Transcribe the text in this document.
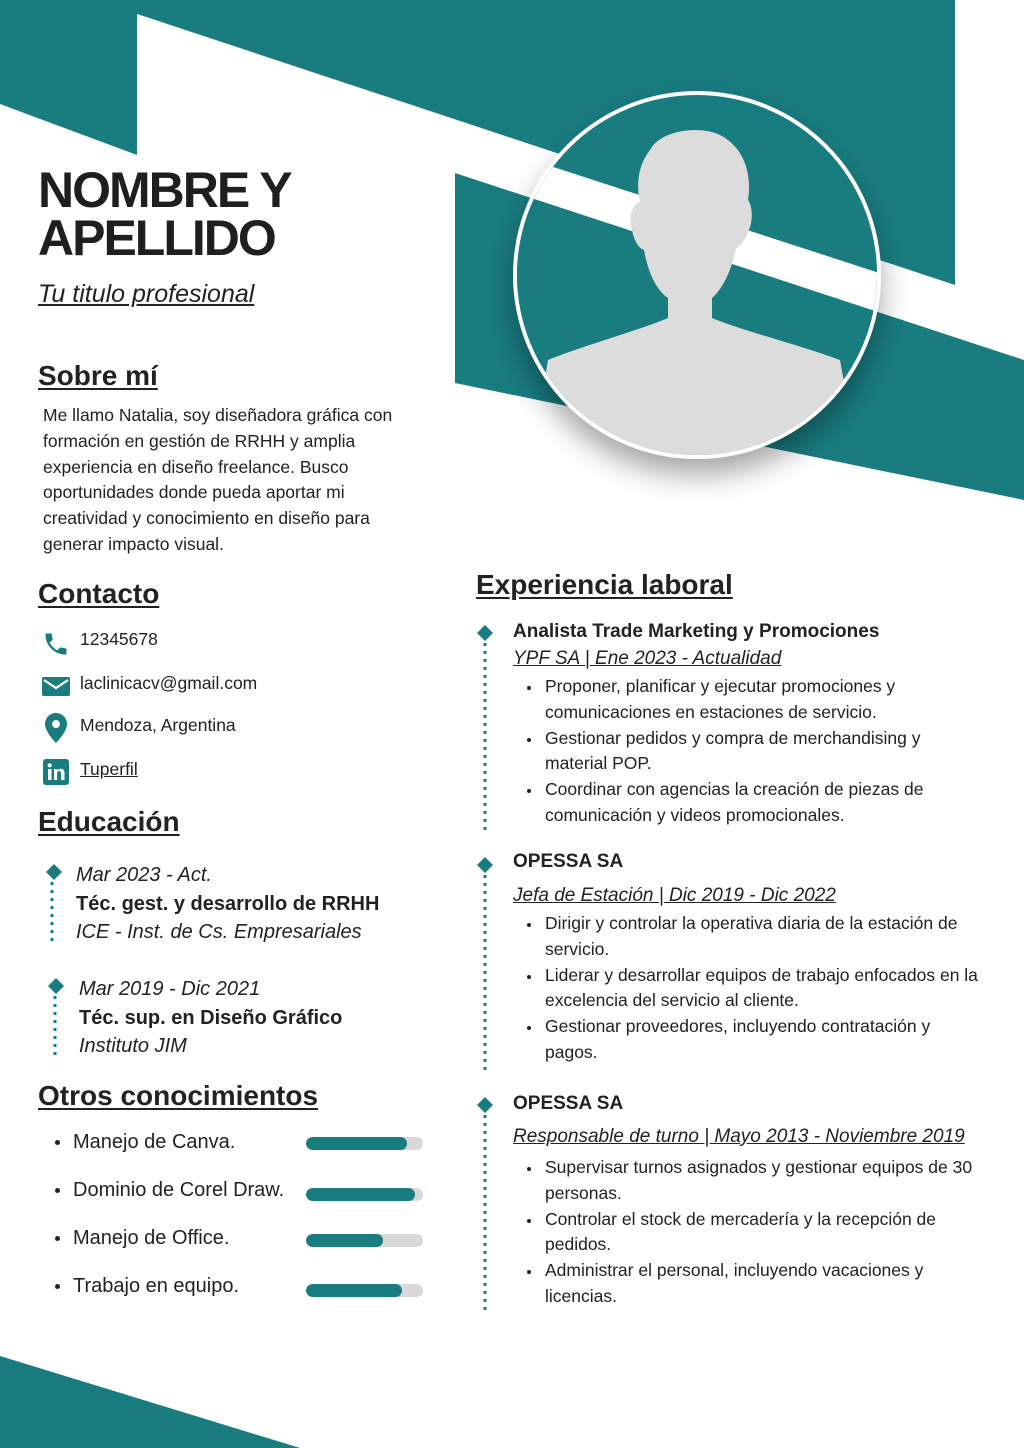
NOMBRE Y
APELLIDO
Tu titulo profesional
Sobre mí
Me llamo Natalia, soy diseñadora gráfica con formación en gestión de RRHH y amplia experiencia en diseño freelance. Busco oportunidades donde pueda aportar mi creatividad y conocimiento en diseño para generar impacto visual.
Contacto
12345678
laclinicacv@gmail.com
Mendoza, Argentina
Tuperfil
Educación
Mar 2023 - Act.
Téc. gest. y desarrollo de RRHH
ICE - Inst. de Cs. Empresariales
Mar 2019 - Dic 2021
Téc. sup. en Diseño Gráfico
Instituto JIM
Otros conocimientos
Manejo de Canva.
Dominio de Corel Draw.
Manejo de Office.
Trabajo en equipo.
Experiencia laboral
Analista Trade Marketing y Promociones
YPF SA | Ene 2023 - Actualidad
Proponer, planificar y ejecutar promociones y comunicaciones en estaciones de servicio.
Gestionar pedidos y compra de merchandising y material POP.
Coordinar con agencias la creación de piezas de comunicación y videos promocionales.
OPESSA SA
Jefa de Estación | Dic 2019 - Dic 2022
Dirigir y controlar la operativa diaria de la estación de servicio.
Liderar y desarrollar equipos de trabajo enfocados en la excelencia del servicio al cliente.
Gestionar proveedores, incluyendo contratación y pagos.
OPESSA SA
Responsable de turno | Mayo 2013 - Noviembre 2019
Supervisar turnos asignados y gestionar equipos de 30 personas.
Controlar el stock de mercadería y la recepción de pedidos.
Administrar el personal, incluyendo vacaciones y licencias.
